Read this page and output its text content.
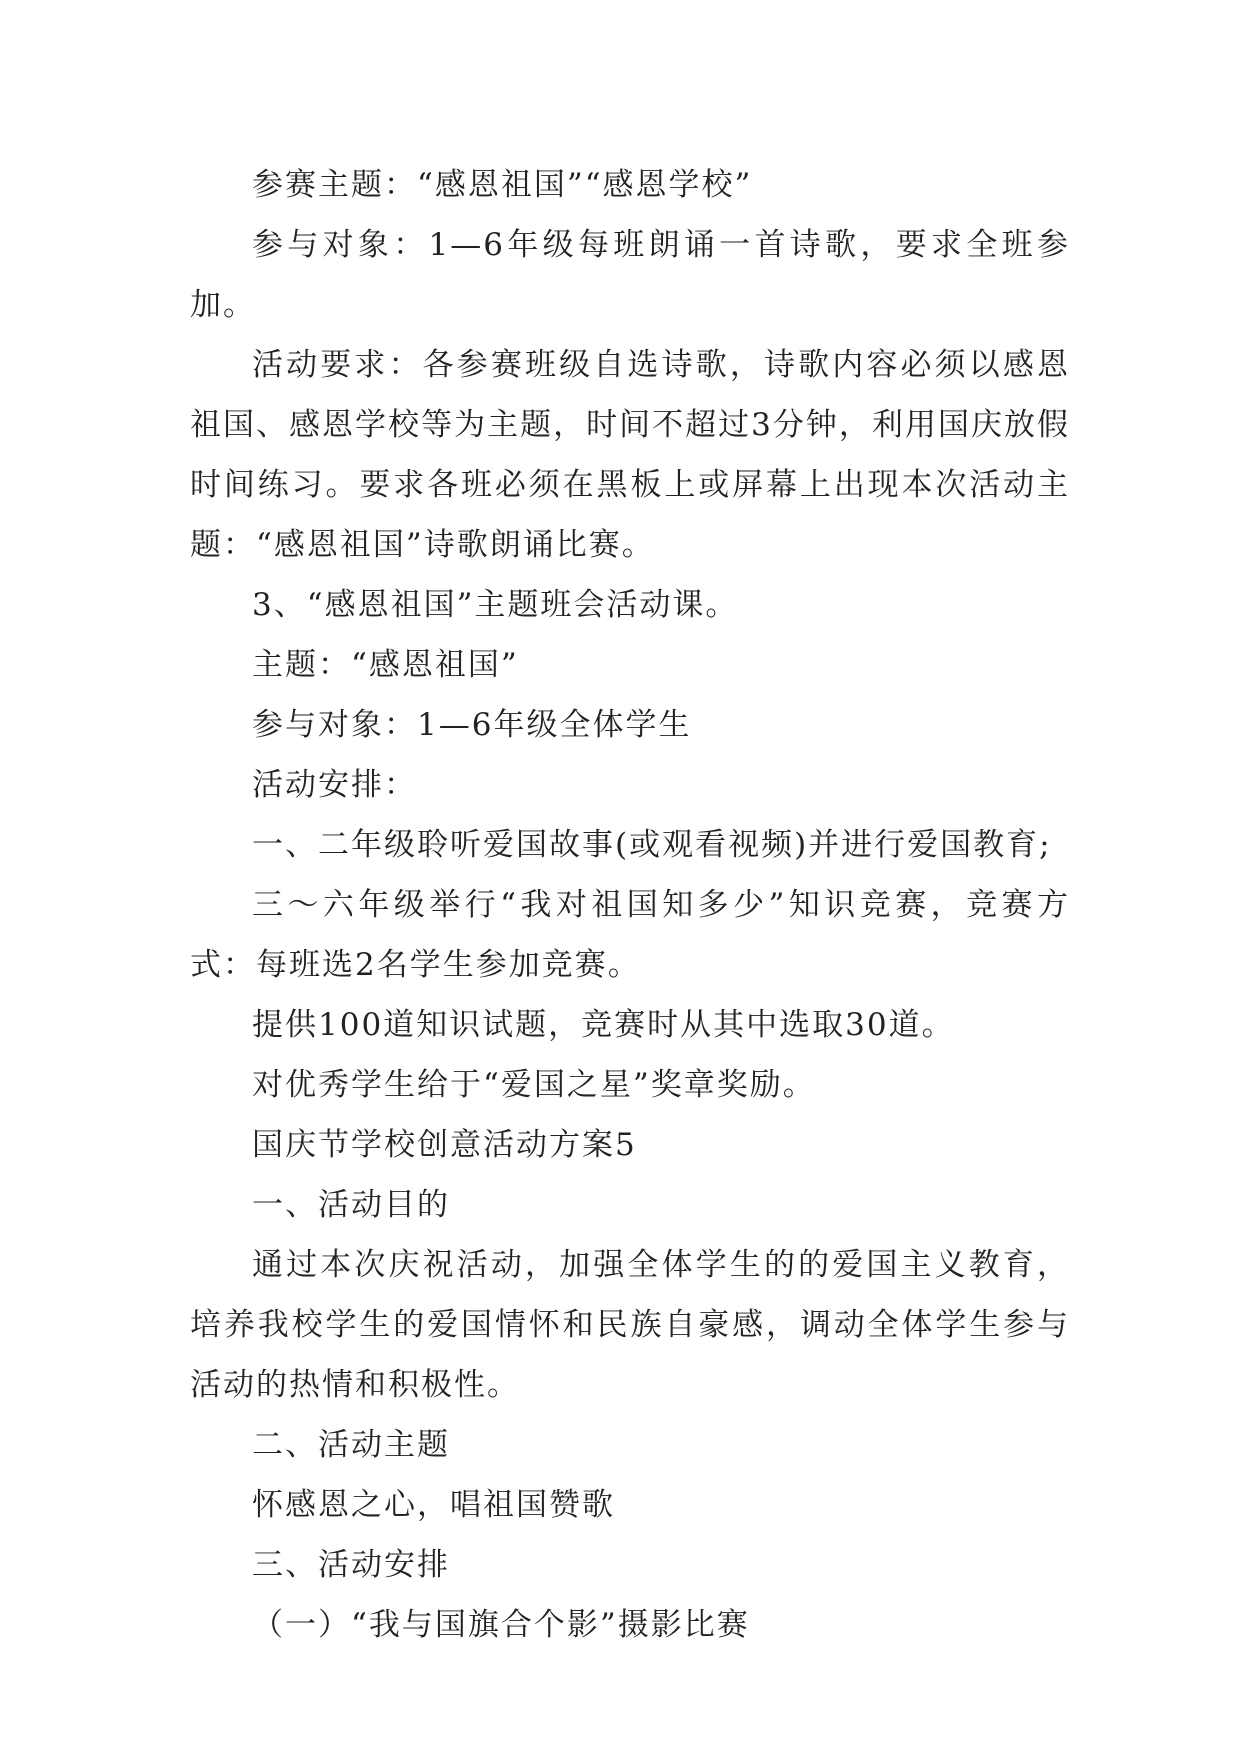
参赛主题：“感恩祖国”“感恩学校”

参与对象：1—6年级每班朗诵一首诗歌，要求全班参加。

活动要求：各参赛班级自选诗歌，诗歌内容必须以感恩祖国、感恩学校等为主题，时间不超过3分钟，利用国庆放假时间练习。要求各班必须在黑板上或屏幕上出现本次活动主题：“感恩祖国”诗歌朗诵比赛。

3、“感恩祖国”主题班会活动课。

主题：“感恩祖国”

参与对象：1—6年级全体学生

活动安排：

一、二年级聆听爱国故事(或观看视频)并进行爱国教育;

三～六年级举行“我对祖国知多少”知识竞赛，竞赛方式：每班选2名学生参加竞赛。

提供100道知识试题，竞赛时从其中选取30道。

对优秀学生给于“爱国之星”奖章奖励。

国庆节学校创意活动方案5

一、活动目的

通过本次庆祝活动，加强全体学生的的爱国主义教育，培养我校学生的爱国情怀和民族自豪感，调动全体学生参与活动的热情和积极性。

二、活动主题

怀感恩之心，唱祖国赞歌

三、活动安排

（一）“我与国旗合个影”摄影比赛
